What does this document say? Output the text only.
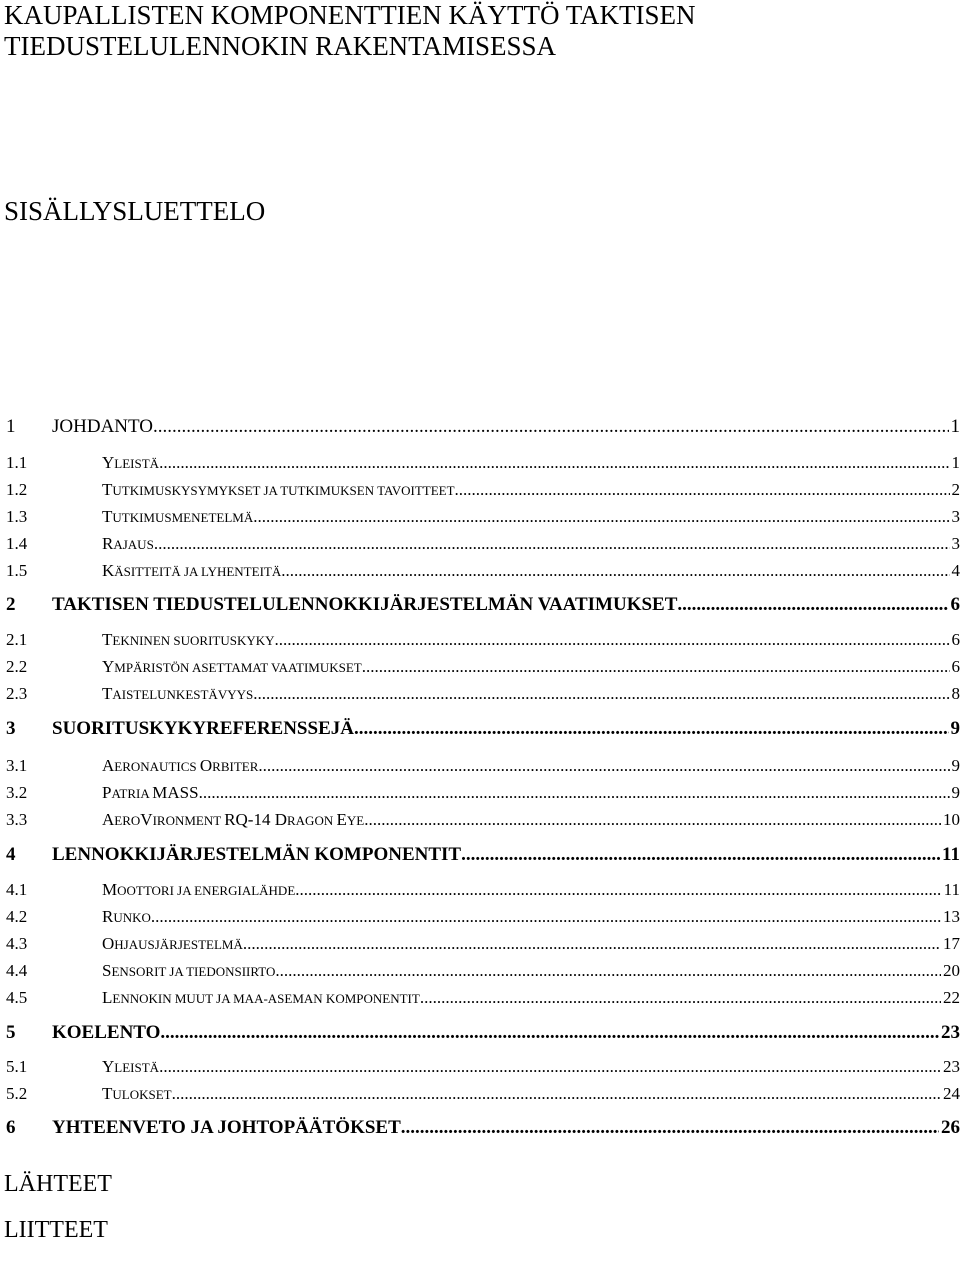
KAUPALLISTEN KOMPONENTTIEN KÄYTTÖ TAKTISEN
TIEDUSTELULENNOKIN RAKENTAMISESSA
SISÄLLYSLUETTELO
1 JOHDANTO .....	1
1.1	YLEISTÄ .....	1
1.2	TUTKIMUSKYSYMYKSET JA TUTKIMUKSEN TAVOITTEET .....	2
1.3	TUTKIMUSMENETELMÄ .....	3
1.4	RAJAUS .....	3
1.5	KÄSITTEITÄ JA LYHENTEITÄ .....	4
2 TAKTISEN TIEDUSTELULENNOKKIJÄRJESTELMÄN VAATIMUKSET .....	6
2.1	TEKNINEN SUORITUSKYKY .....	6
2.2	YMPÄRISTÖN ASETTAMAT VAATIMUKSET .....	6
2.3	TAISTELUNKESTÄVYYS .....	8
3 SUORITUSKYKYREFERENSSEJÄ .....	9
3.1	AERONAUTICS ORBITER .....	9
3.2	PATRIA MASS .....	9
3.3	AEROVIRONMENT RQ-14 DRAGON EYE .....	10
4 LENNOKKIJÄRJESTELMÄN KOMPONENTIT .....	11
4.1	MOOTTORI JA ENERGIALÄHDE .....	11
4.2	RUNKO .....	13
4.3	OHJAUSJÄRJESTELMÄ .....	17
4.4	SENSORIT JA TIEDONSIIRTO .....	20
4.5	LENNOKIN MUUT JA MAA-ASEMAN KOMPONENTIT .....	22
5 KOELENTO .....	23
5.1	YLEISTÄ .....	23
5.2	TULOKSET .....	24
6 YHTEENVETO JA JOHTOPÄÄTÖKSET .....	26
LÄHTEET
LIITTEET
